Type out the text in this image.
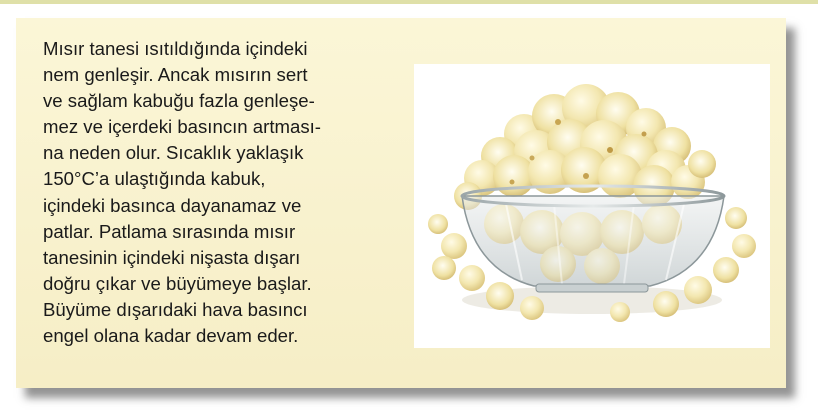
Mısır tanesi ısıtıldığında içindeki
nem genleşir. Ancak mısırın sert
ve sağlam kabuğu fazla genleşe-
mez ve içerdeki basıncın artması-
na neden olur. Sıcaklık yaklaşık
150°C’a ulaştığında kabuk,
içindeki basınca dayanamaz ve
patlar. Patlama sırasında mısır
tanesinin içindeki nişasta dışarı
doğru çıkar ve büyümeye başlar.
Büyüme dışarıdaki hava basıncı
engel olana kadar devam eder.
